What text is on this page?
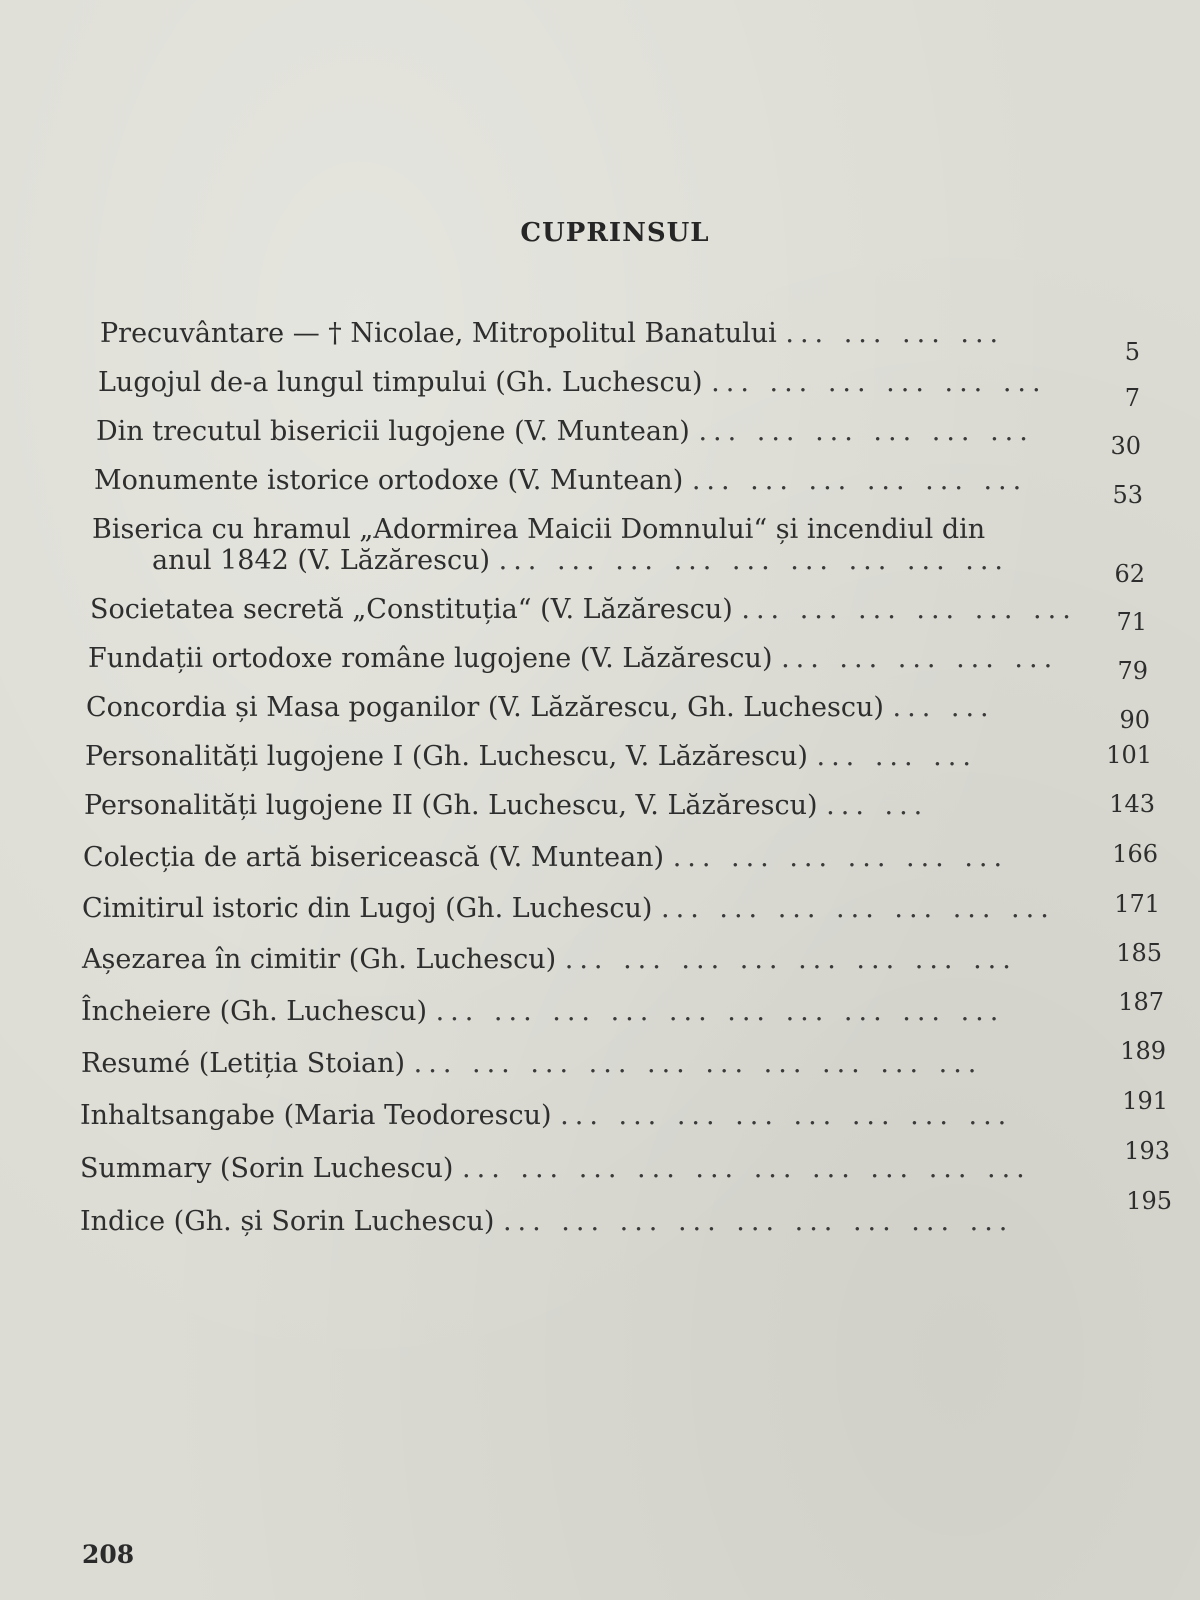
CUPRINSUL
Precuvântare — † Nicolae, Mitropolitul Banatului ... ... ... ...
5
Lugojul de-a lungul timpului (Gh. Luchescu) ... ... ... ... ... ...	7
Din trecutul bisericii lugojene (V. Muntean) ... ... ... ... ... ...	30
Monumente istorice ortodoxe (V. Muntean) ... ... ... ... ... ...	53
Biserica cu hramul „Adormirea Maicii Domnului“ și incendiul din
anul 1842 (V. Lăzărescu) ... ... ... ... ... ... ... ... ...	62
Societatea secretă „Constituția“ (V. Lăzărescu) ... ... ... ... ... ...	71
Fundații ortodoxe române lugojene (V. Lăzărescu) ... ... ... ... ...	79
Concordia și Masa poganilor (V. Lăzărescu, Gh. Luchescu) ... ...	90
Personalități lugojene I (Gh. Luchescu, V. Lăzărescu) ... ... ...	101
Personalități lugojene II (Gh. Luchescu, V. Lăzărescu) ... ...	143
Colecția de artă bisericească (V. Muntean) ... ... ... ... ... ...	166
Cimitirul istoric din Lugoj (Gh. Luchescu) ... ... ... ... ... ... ...	171
Așezarea în cimitir (Gh. Luchescu) ... ... ... ... ... ... ... ...	185
Încheiere (Gh. Luchescu) ... ... ... ... ... ... ... ... ... ...	187
Resumé (Letiția Stoian) ... ... ... ... ... ... ... ... ... ...	189
Inhaltsangabe (Maria Teodorescu) ... ... ... ... ... ... ... ...	191
Summary (Sorin Luchescu) ... ... ... ... ... ... ... ... ... ...
193
Indice (Gh. și Sorin Luchescu) ... ... ... ... ... ... ... ... ...
195
208
